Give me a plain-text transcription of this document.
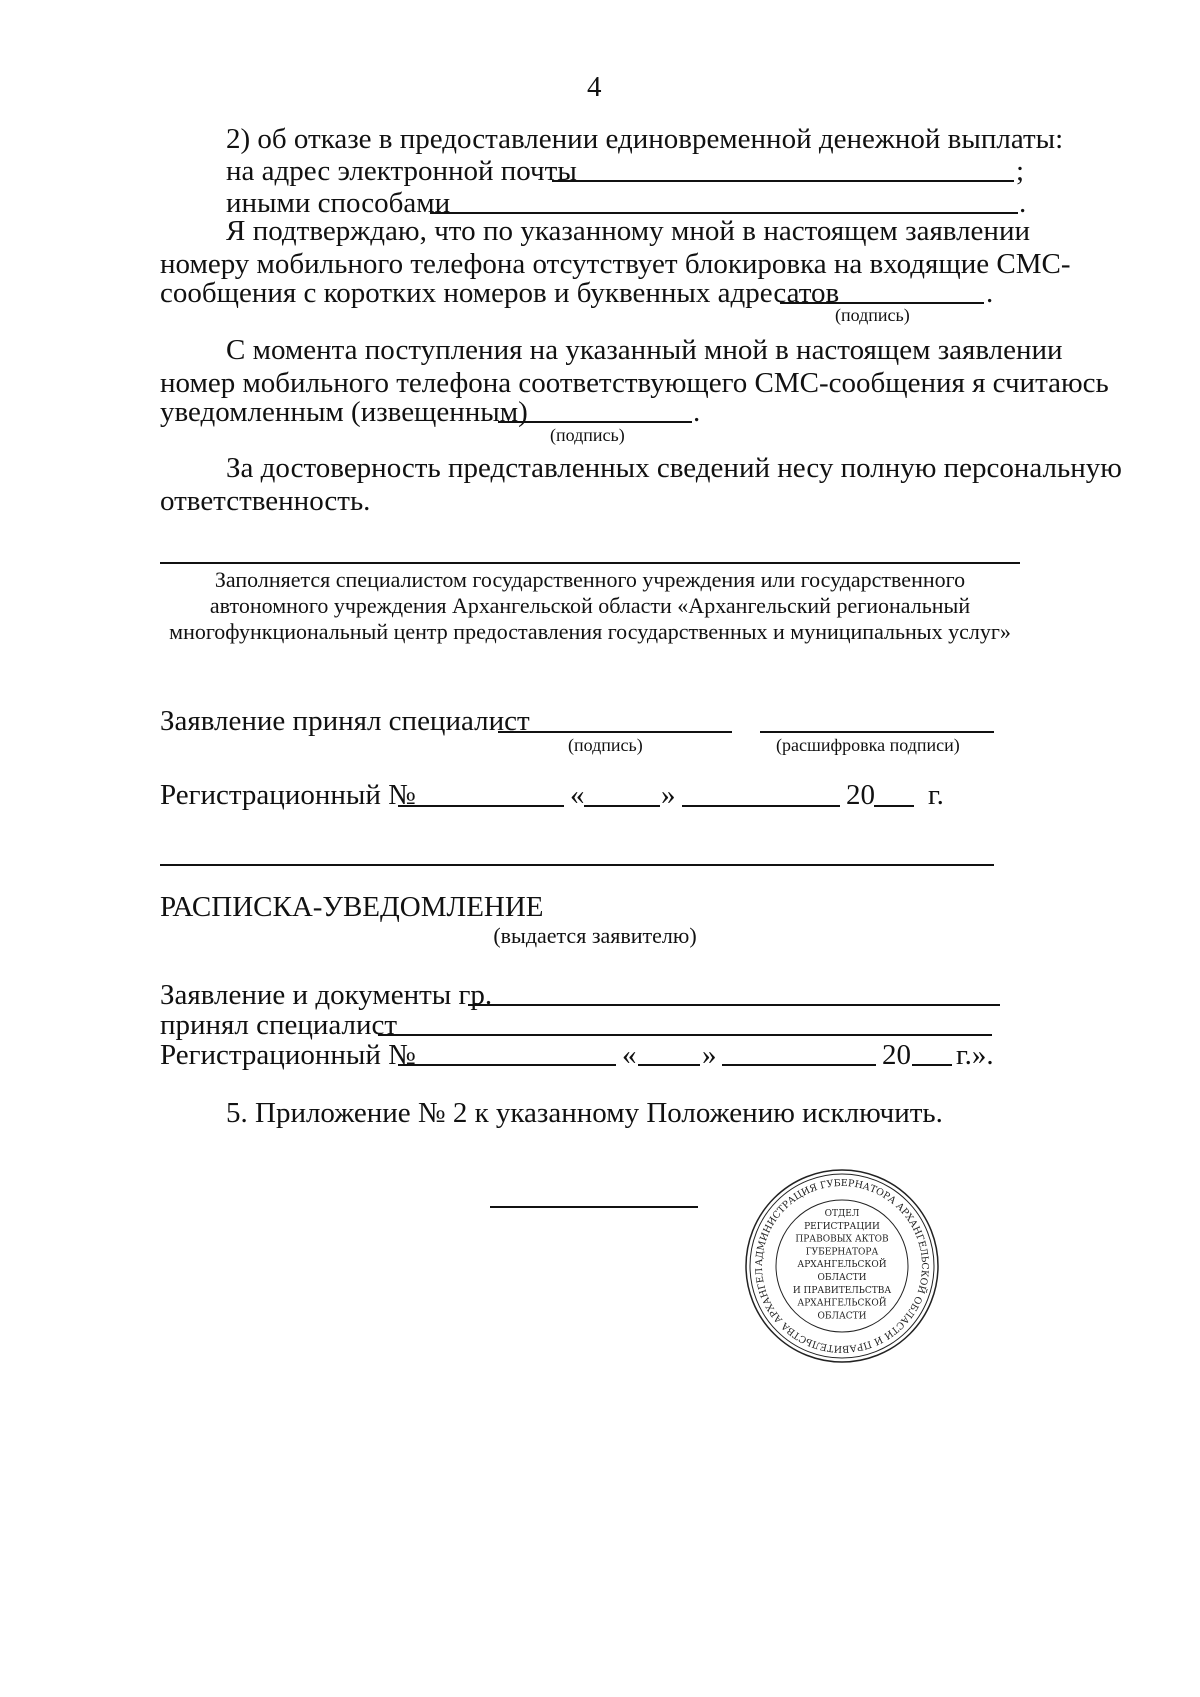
4
2) об отказе в предоставлении единовременной денежной выплаты:
на адрес электронной почты	;
иными способами	.
Я подтверждаю, что по указанному мной в настоящем заявлении
номеру мобильного телефона отсутствует блокировка на входящие СМС-
сообщения с коротких номеров и буквенных адресатов	.
(подпись)
С момента поступления на указанный мной в настоящем заявлении
номер мобильного телефона соответствующего СМС-сообщения я считаюсь
уведомленным (извещенным)	.
(подпись)
За достоверность представленных сведений несу полную персональную
ответственность.
Заполняется специалистом государственного учреждения или государственного
автономного учреждения Архангельской области «Архангельский региональный
многофункциональный центр предоставления государственных и муниципальных услуг»
Заявление принял специалист
(подпись)	(расшифровка подписи)
Регистрационный №	«	»	20 г.
РАСПИСКА-УВЕДОМЛЕНИЕ
(выдается заявителю)
Заявление и документы гр.
принял специалист
Регистрационный №	« »	20 г.».
5. Приложение № 2 к указанному Положению исключить.
АДМИНИСТРАЦИЯ ГУБЕРНАТОРА АРХАНГЕЛЬСКОЙ ОБЛАСТИ И ПРАВИТЕЛЬСТВА АРХАНГЕЛ
ОТДЕЛ
РЕГИСТРАЦИИ
ПРАВОВЫХ АКТОВ
ГУБЕРНАТОРА
АРХАНГЕЛЬСКОЙ
ОБЛАСТИ
И ПРАВИТЕЛЬСТВА
АРХАНГЕЛЬСКОЙ
ОБЛАСТИ
